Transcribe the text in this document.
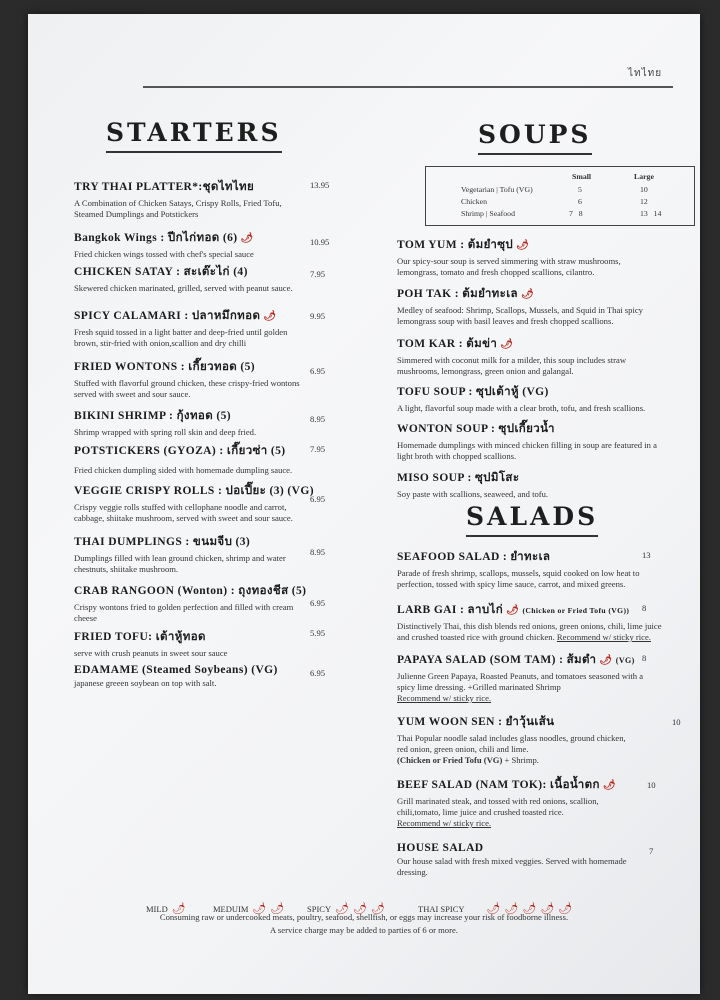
ไทไทย
STARTERS
TRY THAI PLATTER*:ชุดไทไทย
A Combination of Chicken Satays, Crispy Rolls, Fried Tofu, Steamed Dumplings and Potstickers
13.95
Bangkok Wings : ปีกไก่ทอด (6) 🌶
Fried chicken wings tossed with chef's special sauce
10.95
CHICKEN SATAY : สะเต๊ะไก่ (4)
Skewered chicken marinated, grilled, served with peanut sauce.
7.95
SPICY CALAMARI : ปลาหมึกทอด 🌶
Fresh squid tossed in a light batter and deep-fried until golden brown, stir-fried with onion,scallion and dry chilli
9.95
FRIED WONTONS : เกี๊ยวทอด (5)
Stuffed with flavorful ground chicken, these crispy-fried wontons served with sweet and sour sauce.
6.95
BIKINI SHRIMP : กุ้งทอด (5)
Shrimp wrapped with spring roll skin and deep fried.
8.95
POTSTICKERS (GYOZA) : เกี๊ยวซ่า (5)
Fried chicken dumpling sided with homemade dumpling sauce.
7.95
VEGGIE CRISPY ROLLS : ปอเปี๊ยะ (3) (VG)
Crispy veggie rolls stuffed with cellophane noodle and carrot, cabbage, shiitake mushroom, served with sweet and sour sauce.
6.95
THAI DUMPLINGS : ขนมจีบ (3)
Dumplings filled with lean ground chicken, shrimp and water chestnuts, shiitake mushroom.
8.95
CRAB RANGOON (Wonton) : ถุงทองชีส (5)
Crispy wontons fried to golden perfection and filled with cream cheese
6.95
FRIED TOFU: เต้าหู้ทอด
serve with crush peanuts in sweet sour sauce
5.95
EDAMAME (Steamed Soybeans) (VG)
japanese greeen soybean on top with salt.
6.95
SOUPS
Small	Large
Vegetarian | Tofu (VG)	5	10
Chicken	6	12
Shrimp | Seafood	7   8	13   14
TOM YUM : ต้มยำซุป 🌶
Our spicy-sour soup is served simmering with straw mushrooms, lemongrass, tomato and fresh chopped scallions, cilantro.
POH TAK : ต้มยำทะเล 🌶
Medley of seafood: Shrimp, Scallops, Mussels, and Squid in Thai spicy lemongrass soup with basil leaves and fresh chopped scallions.
TOM KAR : ต้มข่า 🌶
Simmered with coconut milk for a milder, this soup includes straw mushrooms, lemongrass, green onion and galangal.
TOFU SOUP : ซุปเต้าหู้ (VG)
A light, flavorful soup made with a clear broth, tofu, and fresh scallions.
WONTON SOUP : ซุปเกี๊ยวน้ำ
Homemade dumplings with minced chicken filling in soup are featured in a light broth with chopped scallions.
MISO SOUP : ซุปมิโสะ
Soy paste with scallions, seaweed, and tofu.
SALADS
SEAFOOD SALAD : ยำทะเล
Parade of fresh shrimp, scallops, mussels, squid cooked on low heat to perfection, tossed with spicy lime sauce, carrot, and mixed greens.
13
LARB GAI : ลาบไก่ 🌶 (Chicken or Fried Tofu (VG))
Distinctively Thai, this dish blends red onions, green onions, chili, lime juice and crushed toasted rice with ground chicken. Recommend w/ sticky rice.
8
PAPAYA SALAD (SOM TAM) : ส้มตำ 🌶 (VG)
Julienne Green Papaya, Roasted Peanuts, and tomatoes seasoned with a spicy lime dressing. +Grilled marinated Shrimp
Recommend w/ sticky rice.
8
YUM WOON SEN : ยำวุ้นเส้น
Thai Popular noodle salad includes glass noodles, ground chicken, red onion, green onion, chili and lime.
(Chicken or Fried Tofu (VG) + Shrimp.
10
BEEF SALAD (NAM TOK): เนื้อน้ำตก 🌶
Grill marinated steak, and tossed with red onions, scallion, chili,tomato, lime juice and crushed toasted rice.
Recommend w/ sticky rice.
10
HOUSE SALAD
Our house salad with fresh mixed veggies. Served with homemade dressing.
7
MILD 🌶	MEDUIM 🌶 🌶	SPICY 🌶 🌶 🌶	THAI SPICY 🌶 🌶 🌶 🌶 🌶
Consuming raw or undercooked meats, poultry, seafood, shellfish, or eggs may increase your risk of foodborne illness.
A service charge may be added to parties of 6 or more.
